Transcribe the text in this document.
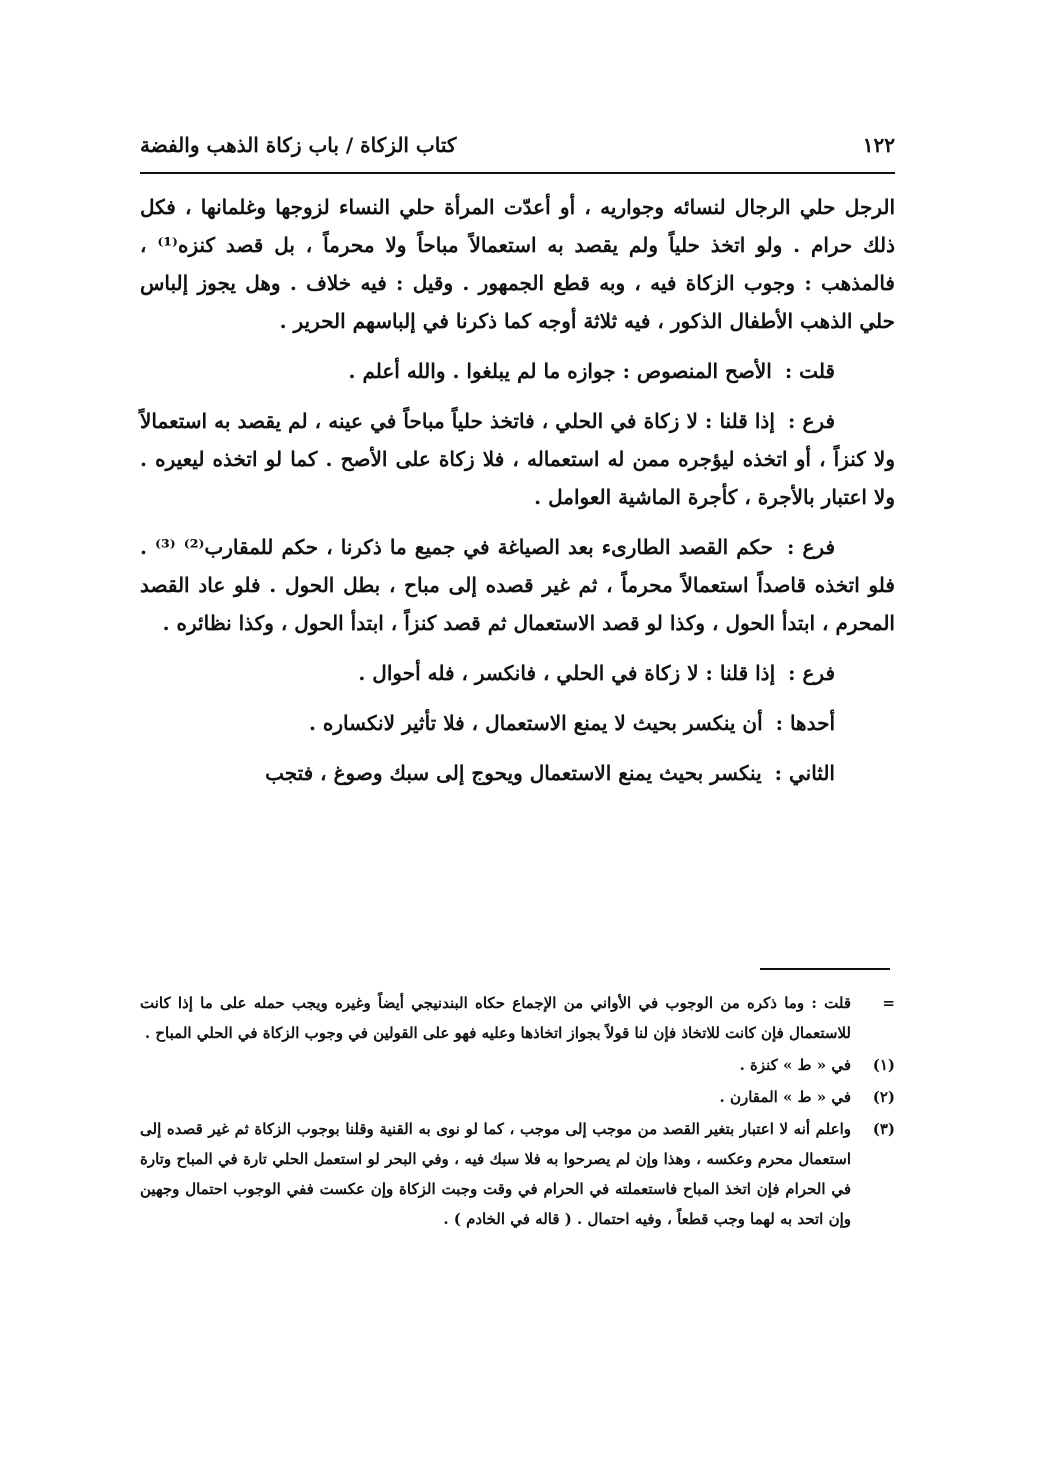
١٢٢
كتاب الزكاة / باب زكاة الذهب والفضة

الرجل حلي الرجال لنسائه وجواريه ، أو أعدّت المرأة حلي النساء لزوجها وغلمانها ، فكل ذلك حرام . ولو اتخذ حلياً ولم يقصد به استعمالاً مباحاً ولا محرماً ، بل قصد كنزه⁽¹⁾ ، فالمذهب : وجوب الزكاة فيه ، وبه قطع الجمهور . وقيل : فيه خلاف . وهل يجوز إلباس حلي الذهب الأطفال الذكور ، فيه ثلاثة أوجه كما ذكرنا في إلباسهم الحرير .

قلت : الأصح المنصوص : جوازه ما لم يبلغوا . والله أعلم .

فرع : إذا قلنا : لا زكاة في الحلي ، فاتخذ حلياً مباحاً في عينه ، لم يقصد به استعمالاً ولا كنزاً ، أو اتخذه ليؤجره ممن له استعماله ، فلا زكاة على الأصح . كما لو اتخذه ليعيره . ولا اعتبار بالأجرة ، كأجرة الماشية العوامل .

فرع : حكم القصد الطارىء بعد الصياغة في جميع ما ذكرنا ، حكم للمقارب⁽²⁾ ⁽³⁾ . فلو اتخذه قاصداً استعمالاً محرماً ، ثم غير قصده إلى مباح ، بطل الحول . فلو عاد القصد المحرم ، ابتدأ الحول ، وكذا لو قصد الاستعمال ثم قصد كنزاً ، ابتدأ الحول ، وكذا نظائره .

فرع : إذا قلنا : لا زكاة في الحلي ، فانكسر ، فله أحوال .

أحدها : أن ينكسر بحيث لا يمنع الاستعمال ، فلا تأثير لانكساره .

الثاني : ينكسر بحيث يمنع الاستعمال ويحوج إلى سبك وصوغ ، فتجب

=
قلت : وما ذكره من الوجوب في الأواني من الإجماع حكاه البندنيجي أيضاً وغيره ويجب حمله على ما إذا كانت للاستعمال فإن كانت للاتخاذ فإن لنا قولاً بجواز اتخاذها وعليه فهو على القولين في وجوب الزكاة في الحلي المباح .
(١)
في « ط » كنزة .
(٢)
في « ط » المقارن .
(٣)
واعلم أنه لا اعتبار بتغير القصد من موجب إلى موجب ، كما لو نوى به القنية وقلنا بوجوب الزكاة ثم غير قصده إلى استعمال محرم وعكسه ، وهذا وإن لم يصرحوا به فلا سبك فيه ، وفي البحر لو استعمل الحلي تارة في المباح وتارة في الحرام فإن اتخذ المباح فاستعملته في الحرام في وقت وجبت الزكاة وإن عكست ففي الوجوب احتمال وجهين وإن اتحد به لهما وجب قطعاً ، وفيه احتمال . ( قاله في الخادم ) .
